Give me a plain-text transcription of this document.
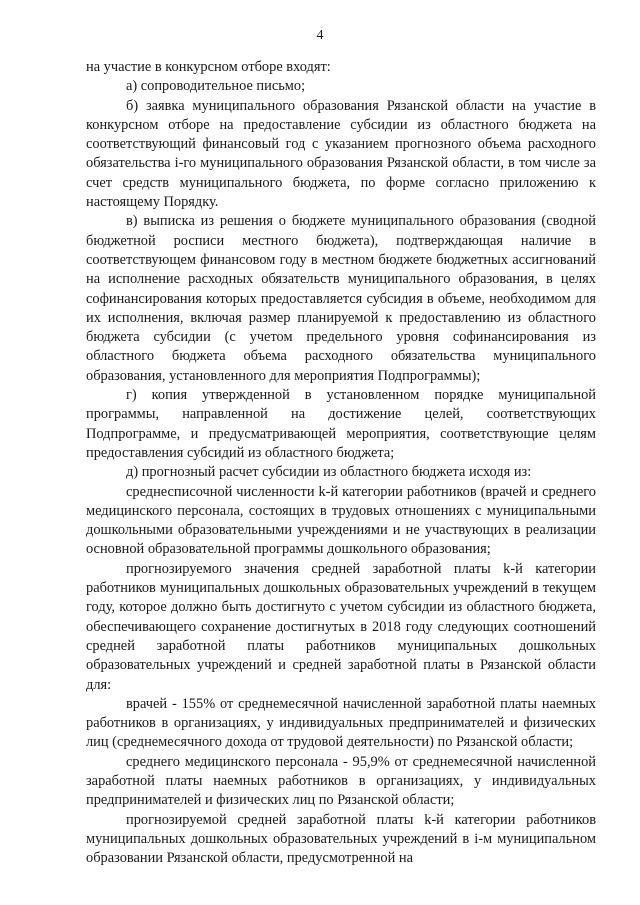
4

на участие в конкурсном отборе входят:

а) сопроводительное письмо;

б) заявка муниципального образования Рязанской области на участие в конкурсном отборе на предоставление субсидии из областного бюджета на соответствующий финансовый год с указанием прогнозного объема расходного обязательства i-го муниципального образования Рязанской области, в том числе за счет средств муниципального бюджета, по форме согласно приложению к настоящему Порядку.

в) выписка из решения о бюджете муниципального образования (сводной бюджетной росписи местного бюджета), подтверждающая наличие в соответствующем финансовом году в местном бюджете бюджетных ассигнований на исполнение расходных обязательств муниципального образования, в целях софинансирования которых предоставляется субсидия в объеме, необходимом для их исполнения, включая размер планируемой к предоставлению из областного бюджета субсидии (с учетом предельного уровня софинансирования из областного бюджета объема расходного обязательства муниципального образования, установленного для мероприятия Подпрограммы);

г) копия утвержденной в установленном порядке муниципальной программы, направленной на достижение целей, соответствующих Подпрограмме, и предусматривающей мероприятия, соответствующие целям предоставления субсидий из областного бюджета;

д) прогнозный расчет субсидии из областного бюджета исходя из:

среднесписочной численности k-й категории работников (врачей и среднего медицинского персонала, состоящих в трудовых отношениях с муниципальными дошкольными образовательными учреждениями и не участвующих в реализации основной образовательной программы дошкольного образования;

прогнозируемого значения средней заработной платы k-й категории работников муниципальных дошкольных образовательных учреждений в текущем году, которое должно быть достигнуто с учетом субсидии из областного бюджета, обеспечивающего сохранение достигнутых в 2018 году следующих соотношений средней заработной платы работников муниципальных дошкольных образовательных учреждений и средней заработной платы в Рязанской области для:

врачей - 155% от среднемесячной начисленной заработной платы наемных работников в организациях, у индивидуальных предпринимателей и физических лиц (среднемесячного дохода от трудовой деятельности) по Рязанской области;

среднего медицинского персонала - 95,9% от среднемесячной начисленной заработной платы наемных работников в организациях, у индивидуальных предпринимателей и физических лиц по Рязанской области;

прогнозируемой средней заработной платы k-й категории работников муниципальных дошкольных образовательных учреждений в i-м муниципальном образовании Рязанской области, предусмотренной на
